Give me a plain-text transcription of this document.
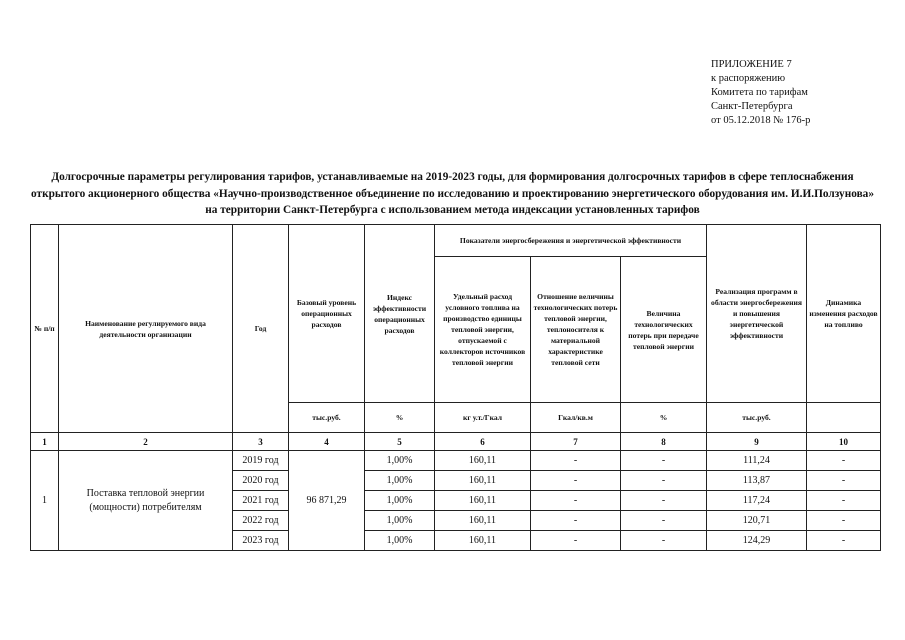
ПРИЛОЖЕНИЕ 7
к распоряжению
Комитета по тарифам
Санкт-Петербурга
от 05.12.2018 № 176-р
Долгосрочные параметры регулирования тарифов, устанавливаемые на 2019-2023 годы, для формирования долгосрочных тарифов в сфере теплоснабжения открытого акционерного общества «Научно-производственное объединение по исследованию и проектированию энергетического оборудования им. И.И.Ползунова» на территории Санкт-Петербурга с использованием метода индексации установленных тарифов
№ п/п	Наименование регулируемого вида деятельности организации	Год	Базовый уровень операционных расходов	Индекс эффективности операционных расходов	Показатели энергосбережения и энергетической эффективности			Реализация программ в области энергосбережения и повышения энергетической эффективности	Динамика изменения расходов на топливо
					Удельный расход условного топлива на производство единицы тепловой энергии, отпускаемой с коллекторов источников тепловой энергии	Отношение величины технологических потерь тепловой энергии, теплоносителя к материальной характеристике тепловой сети	Величина технологических потерь при передаче тепловой энергии		
			тыс.руб.	%	кг у.т./Гкал	Гкал/кв.м	%	тыс.руб.	
1	2	3	4	5	6	7	8	9	10
1	Поставка тепловой энергии (мощности) потребителям	2019 год	96 871,29	1,00%	160,11	-	-	111,24	-
		2020 год		1,00%	160,11	-	-	113,87	-
		2021 год		1,00%	160,11	-	-	117,24	-
		2022 год		1,00%	160,11	-	-	120,71	-
		2023 год		1,00%	160,11	-	-	124,29	-
